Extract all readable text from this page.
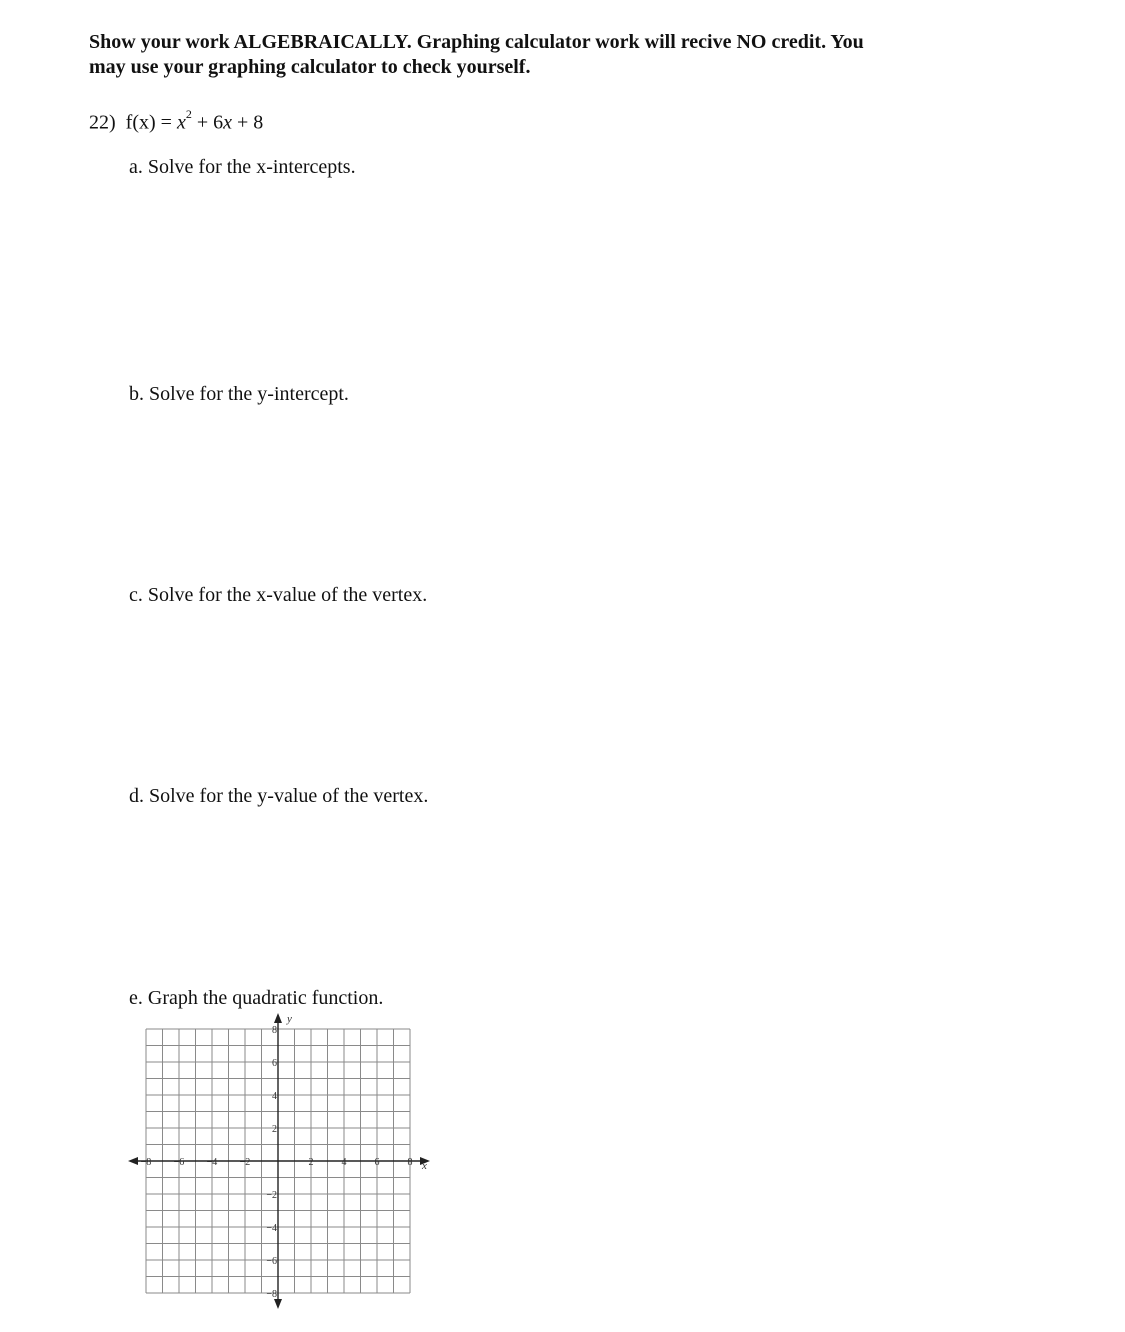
Show your work ALGEBRAICALLY. Graphing calculator work will recive NO credit. You
may use your graphing calculator to check yourself.
22) $f(x) = x^2 + 6x + 8$
a. Solve for the x-intercepts.
b. Solve for the y-intercept.
c. Solve for the x-value of the vertex.
d. Solve for the y-value of the vertex.
e. Graph the quadratic function.
−8 −6 −4 −2	2	4	6	8
8
6
4
2
−2
−4
−6
−8
x
y
